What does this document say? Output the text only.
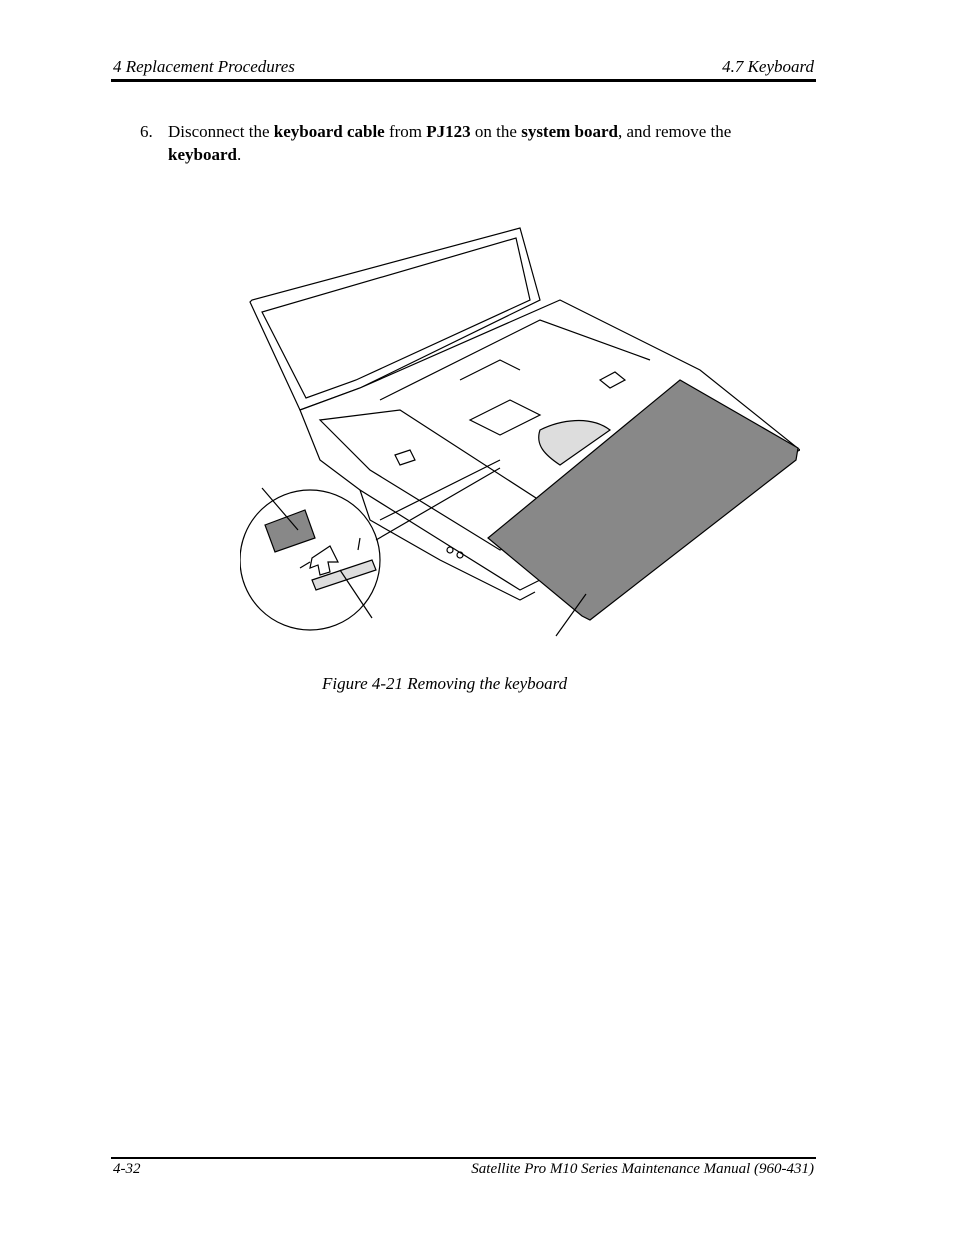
4 Replacement Procedures	4.7 Keyboard
6. Disconnect the keyboard cable from PJ123 on the system board, and remove the keyboard.
Figure 4-21 Removing the keyboard
4-32	Satellite Pro M10 Series Maintenance Manual (960-431)
